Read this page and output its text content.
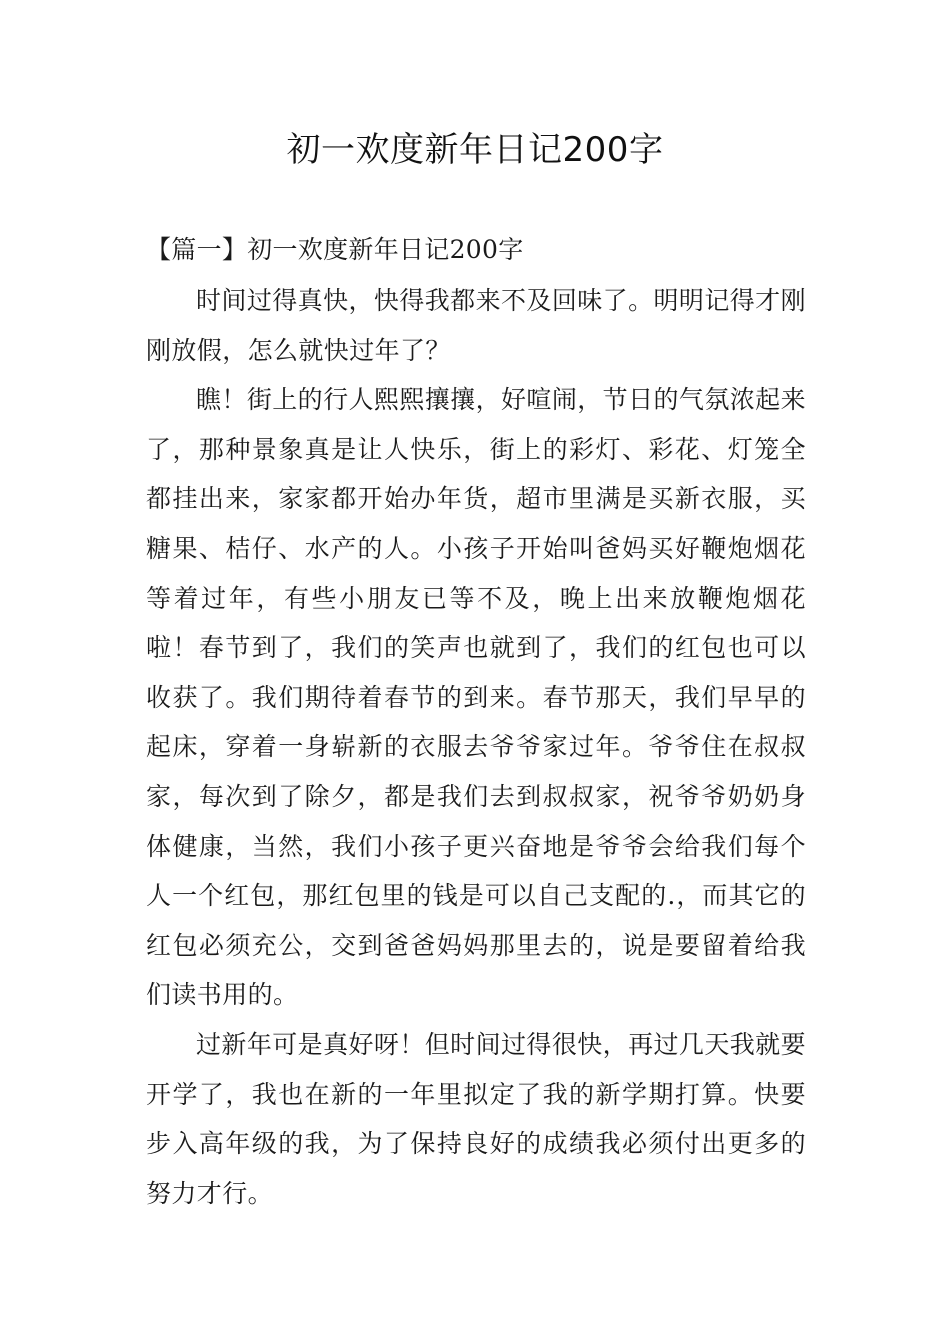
初一欢度新年日记200字

【篇一】初一欢度新年日记200字

时间过得真快，快得我都来不及回味了。明明记得才刚刚放假，怎么就快过年了？

瞧！街上的行人熙熙攘攘，好喧闹，节日的气氛浓起来了，那种景象真是让人快乐，街上的彩灯、彩花、灯笼全都挂出来，家家都开始办年货，超市里满是买新衣服，买糖果、桔仔、水产的人。小孩子开始叫爸妈买好鞭炮烟花等着过年，有些小朋友已等不及，晚上出来放鞭炮烟花啦！春节到了，我们的笑声也就到了，我们的红包也可以收获了。我们期待着春节的到来。春节那天，我们早早的起床，穿着一身崭新的衣服去爷爷家过年。爷爷住在叔叔家，每次到了除夕，都是我们去到叔叔家，祝爷爷奶奶身体健康，当然，我们小孩子更兴奋地是爷爷会给我们每个人一个红包，那红包里的钱是可以自己支配的.，而其它的红包必须充公，交到爸爸妈妈那里去的，说是要留着给我们读书用的。

过新年可是真好呀！但时间过得很快，再过几天我就要开学了，我也在新的一年里拟定了我的新学期打算。快要步入高年级的我，为了保持良好的成绩我必须付出更多的努力才行。
